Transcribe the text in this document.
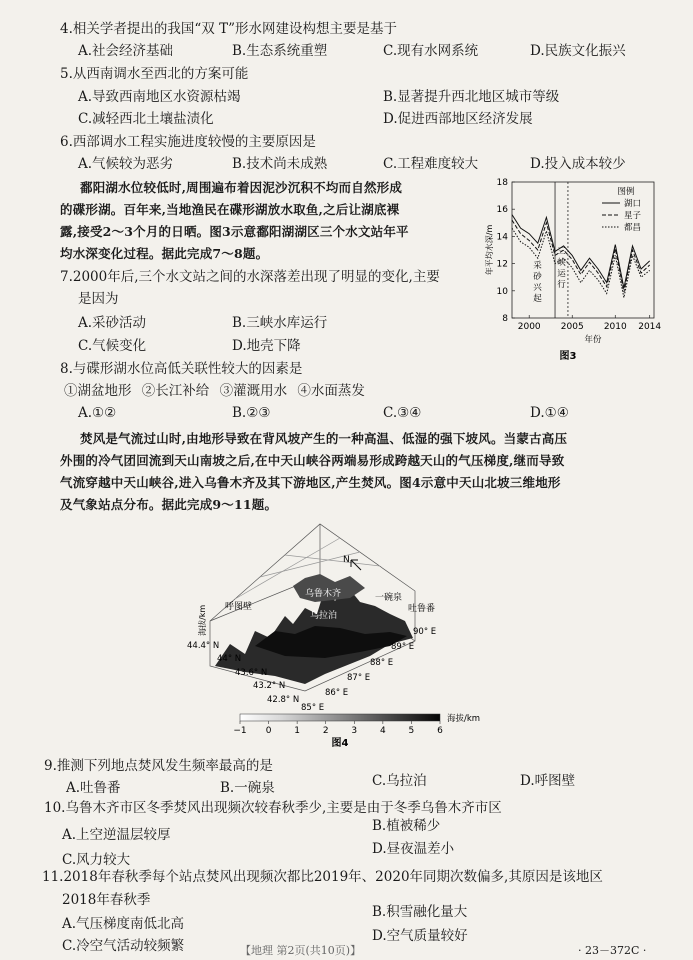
4.相关学者提出的我国“双 T”形水网建设构想主要是基于
A.社会经济基础	B.生态系统重塑	C.现有水网系统	D.民族文化振兴
5.从西南调水至西北的方案可能
A.导致西南地区水资源枯竭	B.显著提升西北地区城市等级
C.减轻西北土壤盐渍化	D.促进西部地区经济发展
6.西部调水工程实施进度较慢的主要原因是
A.气候较为恶劣	B.技术尚未成熟	C.工程难度较大	D.投入成本较少
鄱阳湖水位较低时,周围遍布着因泥沙沉积不均而自然形成
的碟形湖。百年来,当地渔民在碟形湖放水取鱼,之后让湖底裸
露,接受2～3个月的日晒。图3示意鄱阳湖湖区三个水文站年平
均水深变化过程。据此完成7～8题。
7.2000年后,三个水文站之间的水深落差出现了明显的变化,主要
是因为
A.采砂活动	B.三峡水库运行
C.气候变化	D.地壳下降
8.与碟形湖水位高低关联性较大的因素是
①湖盆地形 ②长江补给 ③灌溉用水 ④水面蒸发
A.①②	B.②③	C.③④	D.①④
采
砂
兴
起
三
峡
运
行
8
10
12
14
16
18
2000 2005 2010 2014
年平均水深/m
年份
图例
湖口
星子
都昌
图3
焚风是气流过山时,由地形导致在背风坡产生的一种高温、低湿的强下坡风。当蒙古高压
外围的冷气团回流到天山南坡之后,在中天山峡谷两端易形成跨越天山的气压梯度,继而导致
气流穿越中天山峡谷,进入乌鲁木齐及其下游地区,产生焚风。图4示意中天山北坡三维地形
及气象站点分布。据此完成9～11题。
N
乌鲁木齐	一碗泉
呼图壁	吐鲁番
乌拉泊
海拔/km
44.4° N
44° N
43.6° N
43.2° N
42.8° N
85° E
86° E
87° E
88° E
89° E
90° E
海拔/km
−1 0	1	2	3	4	5	6
图4
9.推测下列地点焚风发生频率最高的是
A.吐鲁番	B.一碗泉	C.乌拉泊	D.呼图壁
10.乌鲁木齐市区冬季焚风出现频次较春秋季少,主要是由于冬季乌鲁木齐市区
A.上空逆温层较厚
B.植被稀少
C.风力较大
D.昼夜温差小
11.2018年春秋季每个站点焚风出现频次都比2019年、2020年同期次数偏多,其原因是该地区
2018年春秋季
A.气压梯度南低北高
B.积雪融化量大
C.冷空气活动较频繁
D.空气质量较好
【地理 第2页(共10页)】	· 23－372C ·
